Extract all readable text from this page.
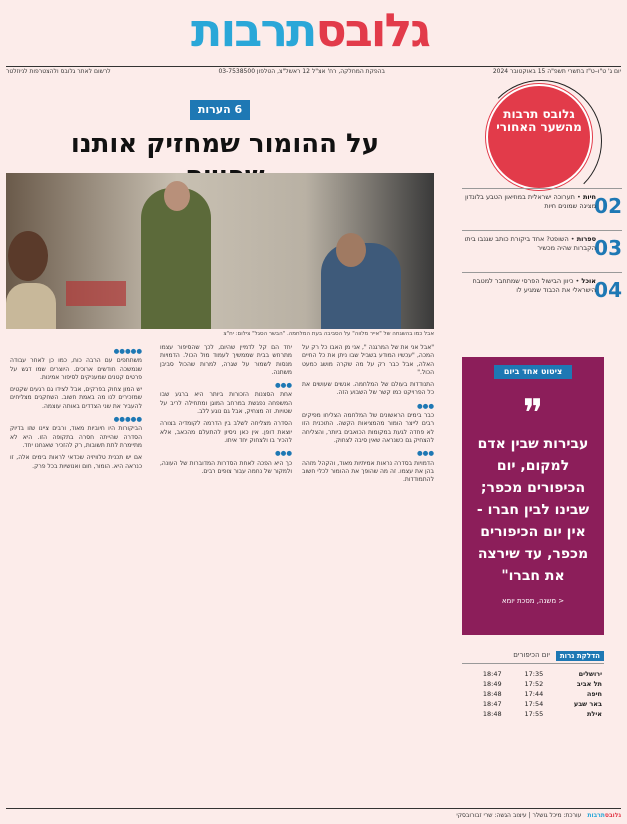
גלובסתרבות
יום ג' ט"ו–ט"ז בתשרי תשפ"ה 15 באוקטובר 2024
בהפקת המחלקה, רח' אצ"ל 12 ראשל"צ, הטלפון 03-7538500
לרשום לאתר גלובס ולהצטרפות לניוזלטר
6 הערות
על ההומור שמחזיק אותנו
אבל כמו בהשגחה של "אייר מלווה" על הסביבה בעת המלחמה. "הבשר הסגל" צילום: יח"צ

"אבל אני את של המרגנה ", אני מן האבו כל רק על המכה, "עכשיו המודע בשביל שבו ניתן את כל החיים האלה, אבל כבר רק על מה שקרה מושג כמעט הכול."

התנודדות בעולם של המלחמה. אנשים שעושים את כל הפרויקט כמו קשר של השבוע הזה.

●●●

כבר בימים הראשונים של המלחמה הצליחו מפיקים רבים לייצר הומור מהמציאות הקשה. התוכנית הזו לא פחדה לגעת במקומות הכואבים ביותר, והצליחה להצחיק גם כשנראה שאין סיבה לצחוק.

●●●

הדמויות בסדרה נראות אמיתיות מאוד, והקהל מזהה בהן את עצמו. זה מה שהופך את ההומור לכלי חשוב להתמודדות.

יחד הם קל לדמיין שהיום, לכך שהסיפור עצמו מתרחש בבית שממשיך לעמוד מול הכול. הדמויות מנסות לשמור על שגרה, למרות שהכול סביבן משתנה.

●●●

אחת הסצנות הזכורות ביותר היא ברגע שבו המשפחה נפגשת במרחב המוגן ומתחילה לריב על שטויות. זה מצחיק, אבל גם נוגע ללב.

הסדרה מצליחה לשלב בין הדרמה לקומדיה בצורה יוצאת דופן. אין כאן ניסיון להתעלם מהכאב, אלא להכיר בו ולצחוק יחד איתו.

●●●

כך היא הפכה לאחת הסדרות המדוברות של העונה, ולמקור של נחמה עבור צופים רבים.

●●●●●

משתתפים עם הרבה כוח, כמו כן לאחר עבודה שנמשכה חודשים ארוכים. היוצרים שמו דגש על פרטים קטנים שמעניקים לסיפור אמינות.

יש המון צחוק בפרקים, אבל לצידו גם רגעים שקטים שמזכירים לנו מה באמת חשוב. השחקנים מצליחים להעביר את שני הצדדים באותה עוצמה.

●●●●●

הביקורות היו חיוביות מאוד, ורבים ציינו שזו בדיוק הסדרה שהייתה חסרה בתקופה הזו. היא לא מתיימרת לתת תשובות, רק להזכיר שאנחנו יחד.

אם יש תכנית טלוויזיה שכדאי לראות בימים אלה, זו כנראה היא. הומור, חום ואנושיות בכל פרק.

גלובס תרבות מהשער האחורי
02
חיות • תערוכה ישראלית במוזיאון הטבע בלונדון מציגה שמונים חיות
03
ספרות • השופט? אחד ביקורת כותב שגנבו ביתו הקברות שהיה מכשיר
04
אוכל • כיוון הבישול הפרסי שמתחבר למטבח הישראלי את הכבוד שמגיע לו
ציטוט אחד ביום
❞
עבירות שבין אדם למקום, יום הכיפורים מכפר; שבינו לבין חברו - אין יום הכיפורים מכפר, עד שירצה את חברו"
< משנה, מסכת יומא
הדלקת נרות
יום הכיפורים
ירושלים	17:35	18:47
תל אביב	17:52	18:49
חיפה	17:44	18:48
באר שבע	17:54	18:47
אילת	17:55	18:48
גלובסתרבות
עורכת: מיכל גושלר | עיצוב הגשה: שרי זבורובסקי
